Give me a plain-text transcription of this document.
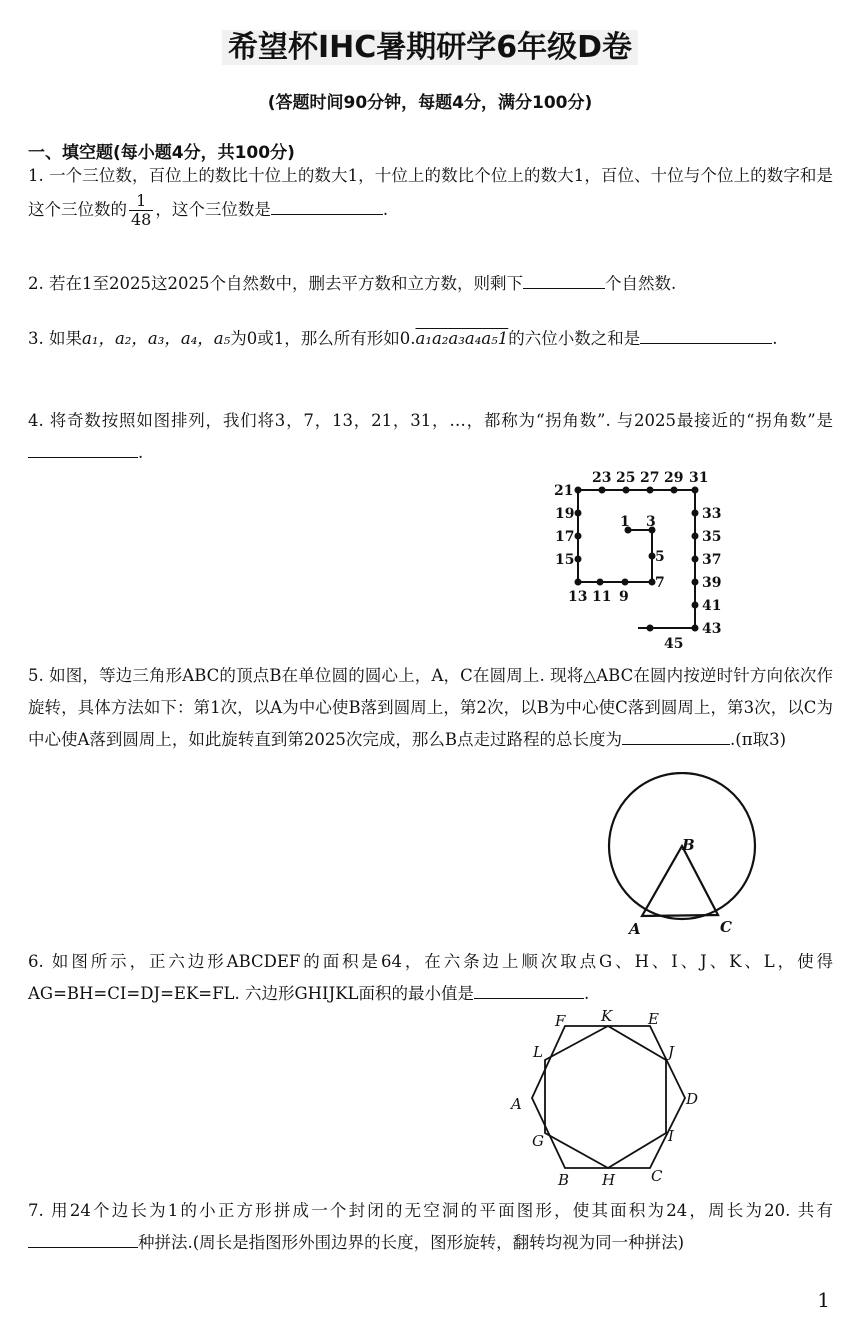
希望杯IHC暑期研学6年级D卷
(答题时间90分钟，每题4分，满分100分)
一、填空题(每小题4分，共100分)
1. 一个三位数，百位上的数比十位上的数大1，十位上的数比个位上的数大1，百位、十位与个位上的数字和是这个三位数的 $\frac{1}{48}$ ，这个三位数是	.
2. 若在1至2025这2025个自然数中，删去平方数和立方数，则剩下	个自然数.
3. 如果a₁，a₂，a₃，a₄，a₅为0或1，那么所有形如0.a₁a₂a₃a₄a₅1的六位小数之和是	.
4. 将奇数按照如图排列，我们将3，7，13，21，31，…，都称为“拐角数”. 与2025最接近的“拐角数”是.
1 3
5
7
9
11
13
15
17
19
21
23 25 27 29 31
33
35
37
39
41
43
45
5. 如图，等边三角形ABC的顶点B在单位圆的圆心上，A，C在圆周上. 现将△ABC在圆内按逆时针方向依次作旋转，具体方法如下：第1次，以A为中心使B落到圆周上，第2次，以B为中心使C落到圆周上，第3次，以C为中心使A落到圆周上，如此旋转直到第2025次完成，那么B点走过路程的总长度为	.(π取3)
B
A	C
6. 如图所示，正六边形ABCDEF的面积是64，在六条边上顺次取点G、H、I、J、K、L，使得AG=BH=CI=DJ=EK=FL. 六边形GHIJKL面积的最小值是	.
A
B	C
D
E
F
G
H
I
J
K
L
7. 用24个边长为1的小正方形拼成一个封闭的无空洞的平面图形，使其面积为24，周长为20. 共有种拼法.(周长是指图形外围边界的长度，图形旋转，翻转均视为同一种拼法)
1
